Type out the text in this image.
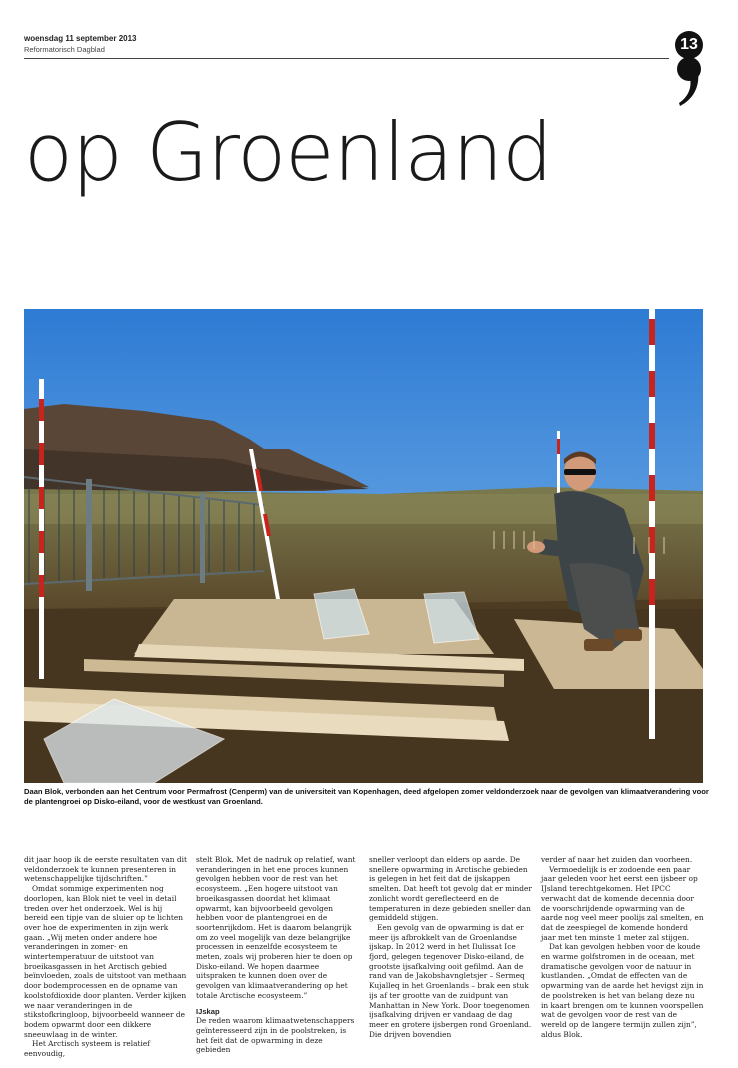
woensdag 11 september 2013
Reformatorisch Dagblad	13
op Groenland
Daan Blok, verbonden aan het Centrum voor Permafrost (Cenperm) van de universiteit van Kopenhagen, deed afgelopen zomer veldonderzoek naar de gevolgen van klimaatverandering voor de plantengroei op Disko-eiland, voor de westkust van Groenland.

dit jaar hoop ik de eerste resultaten van dit veldonderzoek te kunnen presenteren in wetenschappelijke tijdschriften.”

Omdat sommige experimenten nog doorlopen, kan Blok niet te veel in detail treden over het onderzoek. Wel is hij bereid een tipje van de sluier op te lichten over hoe de experimenten in zijn werk gaan. „Wij meten onder andere hoe veranderingen in zomer- en wintertemperatuur de uitstoot van broeikasgassen in het Arctisch gebied beïnvloeden, zoals de uitstoot van methaan door bodemprocessen en de opname van koolstofdioxide door planten. Verder kijken we naar veranderingen in de stikstofkringloop, bijvoorbeeld wanneer de bodem opwarmt door een dikkere sneeuwlaag in de winter.

Het Arctisch systeem is relatief eenvoudig,

stelt Blok. Met de nadruk op relatief, want veranderingen in het ene proces kunnen gevolgen hebben voor de rest van het ecosysteem. „Een hogere uitstoot van broeikasgassen doordat het klimaat opwarmt, kan bijvoorbeeld gevolgen hebben voor de plantengroei en de soortenrijkdom. Het is daarom belangrijk om zo veel mogelijk van deze belangrijke processen in eenzelfde ecosysteem te meten, zoals wij proberen hier te doen op Disko-eiland. We hopen daarmee uitspraken te kunnen doen over de gevolgen van klimaatverandering op het totale Arctische ecosysteem.”

IJskap

De reden waarom klimaatwetenschappers geïnteresseerd zijn in de poolstreken, is het feit dat de opwarming in deze gebieden

sneller verloopt dan elders op aarde. De snellere opwarming in Arctische gebieden is gelegen in het feit dat de ijskappen smelten. Dat heeft tot gevolg dat er minder zonlicht wordt gereflecteerd en de temperaturen in deze gebieden sneller dan gemiddeld stijgen.

Een gevolg van de opwarming is dat er meer ijs afbrokkelt van de Groenlandse ijskap. In 2012 werd in het Ilulissat Ice fjord, gelegen tegenover Disko-eiland, de grootste ijsafkalving ooit gefilmd. Aan de rand van de Jakobshavngletsjer – Sermeq Kujalleq in het Groenlands – brak een stuk ijs af ter grootte van de zuidpunt van Manhattan in New York. Door toegenomen ijsafkalving drijven er vandaag de dag meer en grotere ijsbergen rond Groenland. Die drijven bovendien

verder af naar het zuiden dan voorheen.

Vermoedelijk is er zodoende een paar jaar geleden voor het eerst een ijsbeer op IJsland terechtgekomen. Het IPCC verwacht dat de komende decennia door de voorschrijdende opwarming van de aarde nog veel meer poolijs zal smelten, en dat de zeespiegel de komende honderd jaar met ten minste 1 meter zal stijgen.

Dat kan gevolgen hebben voor de koude en warme golfstromen in de oceaan, met dramatische gevolgen voor de natuur in kustlanden. „Omdat de effecten van de opwarming van de aarde het hevigst zijn in de poolstreken is het van belang deze nu in kaart brengen om te kunnen voorspellen wat de gevolgen voor de rest van de wereld op de langere termijn zullen zijn”, aldus Blok.
